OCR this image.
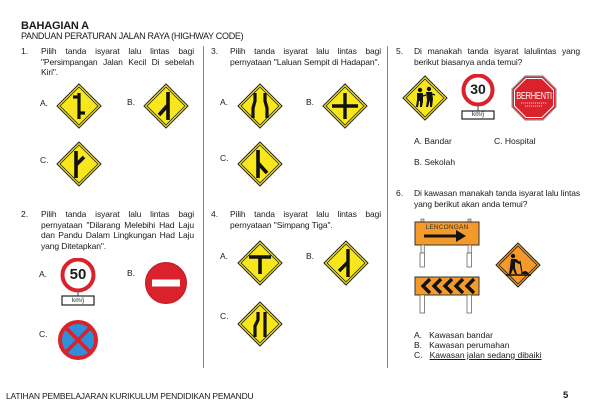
BAHAGIAN A
PANDUAN PERATURAN JALAN RAYA (HIGHWAY CODE)
1. Pilih tanda isyarat lalu lintas bagi "Persimpangan Jalan Kecil Di sebelah Kiri".
A.	B.
C.
2. Pilih tanda isyarat lalu lintas bagi pernyataan "Dilarang Melebihi Had Laju dan Pandu Dalam Lingkungan Had Laju yang Ditetapkan".
A.	50
km/j
B.
C.
3. Pilih tanda isyarat lalu lintas bagi pernyataan "Laluan Sempit di Hadapan".
A.	B.
C.
4. Pilih tanda isyarat lalu lintas bagi pernyataan "Simpang Tiga".
A.	B.
C.
5. Di manakah tanda isyarat lalulintas yang berikut biasanya anda temui?
30
km/j
BERHENTI
A. Bandar	C. Hospital
B. Sekolah
6. Di kawasan manakah tanda isyarat lalu lintas yang berikut akan anda temui?
LENCONGAN
A. Kawasan bandar
B. Kawasan perumahan
C. Kawasan jalan sedang dibaiki
LATIHAN PEMBELAJARAN KURIKULUM PENDIDIKAN PEMANDU	5
